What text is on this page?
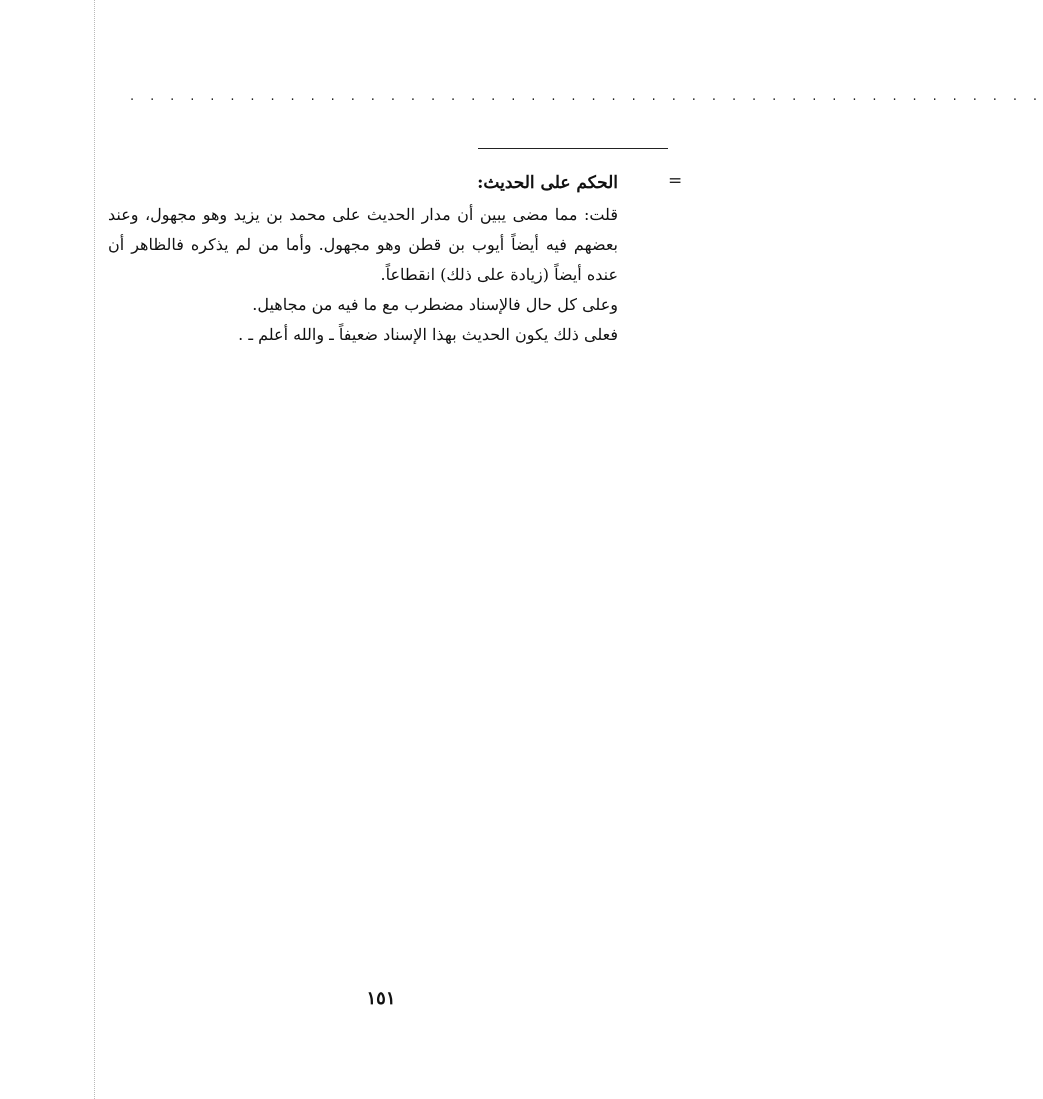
. . . . . . . . . . . . . . . . . . . . . . . . . . . . . . . . . . . . . . . . . . . . . .
=
الحكم على الحديث:
قلت: مما مضى يبين أن مدار الحديث على محمد بن يزيد وهو مجهول، وعند
بعضهم فيه أيضاً أيوب بن قطن وهو مجهول. وأما من لم يذكره فالظاهر أن
عنده أيضاً (زيادة على ذلك) انقطاعاً.
وعلى كل حال فالإسناد مضطرب مع ما فيه من مجاهيل.
فعلى ذلك يكون الحديث بهذا الإسناد ضعيفاً ـ والله أعلم ـ .
١٥١
